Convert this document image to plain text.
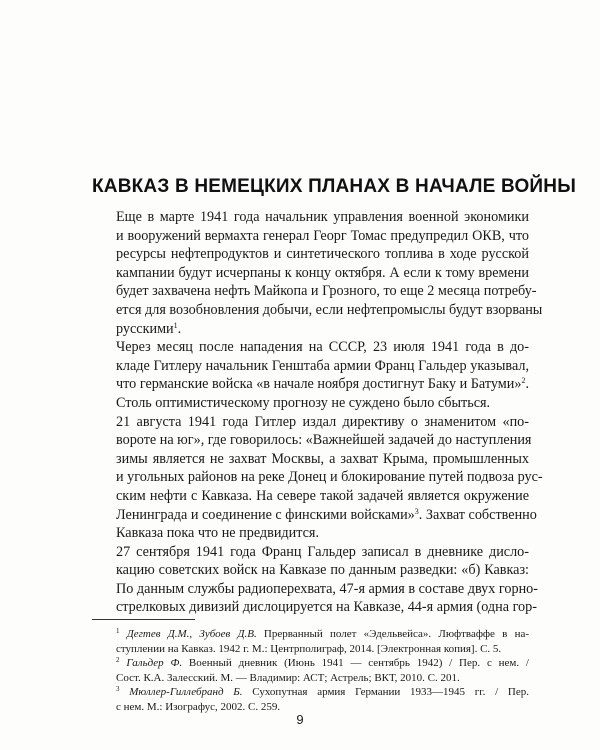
КАВКАЗ В НЕМЕЦКИХ ПЛАНАХ В НАЧАЛЕ ВОЙНЫ

Еще в марте 1941 года начальник управления военной экономики
и вооружений вермахта генерал Георг Томас предупредил ОКВ, что
ресурсы нефтепродуктов и синтетического топлива в ходе русской
кампании будут исчерпаны к концу октября. А если к тому времени
будет захвачена нефть Майкопа и Грозного, то еще 2 месяца потребу-
ется для возобновления добычи, если нефтепромыслы будут взорваны
русскими$^1$.

Через месяц после нападения на СССР, 23 июля 1941 года в до-
кладе Гитлеру начальник Генштаба армии Франц Гальдер указывал,
что германские войска «в начале ноября достигнут Баку и Батуми»$^2$.
Столь оптимистическому прогнозу не суждено было сбыться.

21 августа 1941 года Гитлер издал директиву о знаменитом «по-
вороте на юг», где говорилось: «Важнейшей задачей до наступления
зимы является не захват Москвы, а захват Крыма, промышленных
и угольных районов на реке Донец и блокирование путей подвоза рус-
ским нефти с Кавказа. На севере такой задачей является окружение
Ленинграда и соединение с финскими войсками»$^3$. Захват собственно
Кавказа пока что не предвидится.

27 сентября 1941 года Франц Гальдер записал в дневнике дисло-
кацию советских войск на Кавказе по данным разведки: «б) Кавказ:
По данным службы радиоперехвата, 47-я армия в составе двух горно-
стрелковых дивизий дислоцируется на Кавказе, 44-я армия (одна гор-

$^1$ Дегтев Д.М., Зубоев Д.В. Прерванный полет «Эдельвейса». Люфтваффе в на-
ступлении на Кавказ. 1942 г. М.: Центрполиграф, 2014. [Электронная копия]. С. 5.

$^2$ Гальдер Ф. Военный дневник (Июнь 1941 — сентябрь 1942) / Пер. с нем. /
Сост. К.А. Залесский. М. — Владимир: АСТ; Астрель; ВКТ, 2010. С. 201.

$^3$ Мюллер-Гиллебранд Б. Сухопутная армия Германии 1933—1945 гг. / Пер.
с нем. М.: Изографус, 2002. С. 259.

9
